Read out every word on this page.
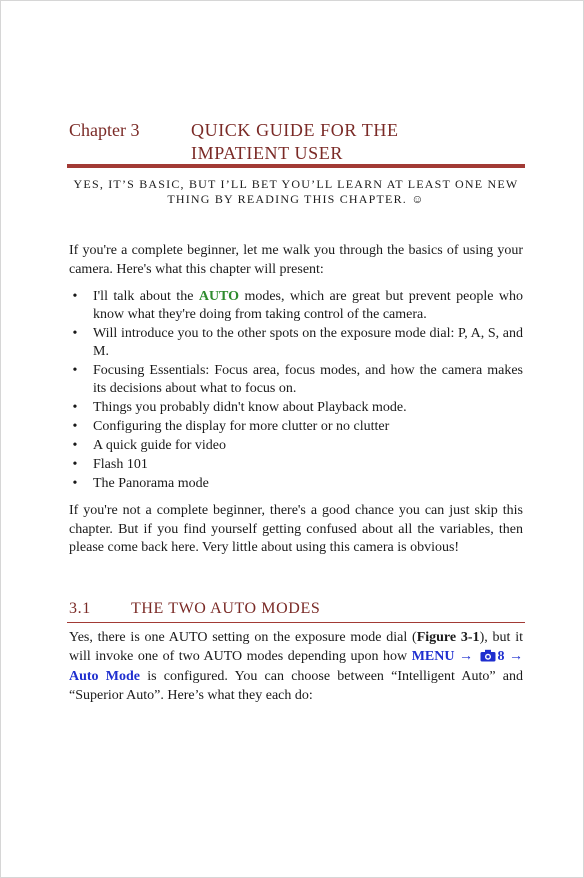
Chapter 3	QUICK GUIDE FOR THE IMPATIENT USER
YES, IT’S BASIC, BUT I’LL BET YOU’LL LEARN AT LEAST ONE NEW THING BY READING THIS CHAPTER. ☺

If you're a complete beginner, let me walk you through the basics of using your camera. Here's what this chapter will present:

• I'll talk about the AUTO modes, which are great but prevent people who know what they're doing from taking control of the camera.
• Will introduce you to the other spots on the exposure mode dial: P, A, S, and M.
• Focusing Essentials: Focus area, focus modes, and how the camera makes its decisions about what to focus on.
• Things you probably didn't know about Playback mode.
• Configuring the display for more clutter or no clutter
• A quick guide for video
• Flash 101
• The Panorama mode

If you're not a complete beginner, there's a good chance you can just skip this chapter. But if you find yourself getting confused about all the variables, then please come back here. Very little about using this camera is obvious!

3.1	THE TWO AUTO MODES

Yes, there is one AUTO setting on the exposure mode dial (Figure 3-1), but it will invoke one of two AUTO modes depending upon how MENU → 8 → Auto Mode is configured. You can choose between “Intelligent Auto” and “Superior Auto”. Here’s what they each do:
